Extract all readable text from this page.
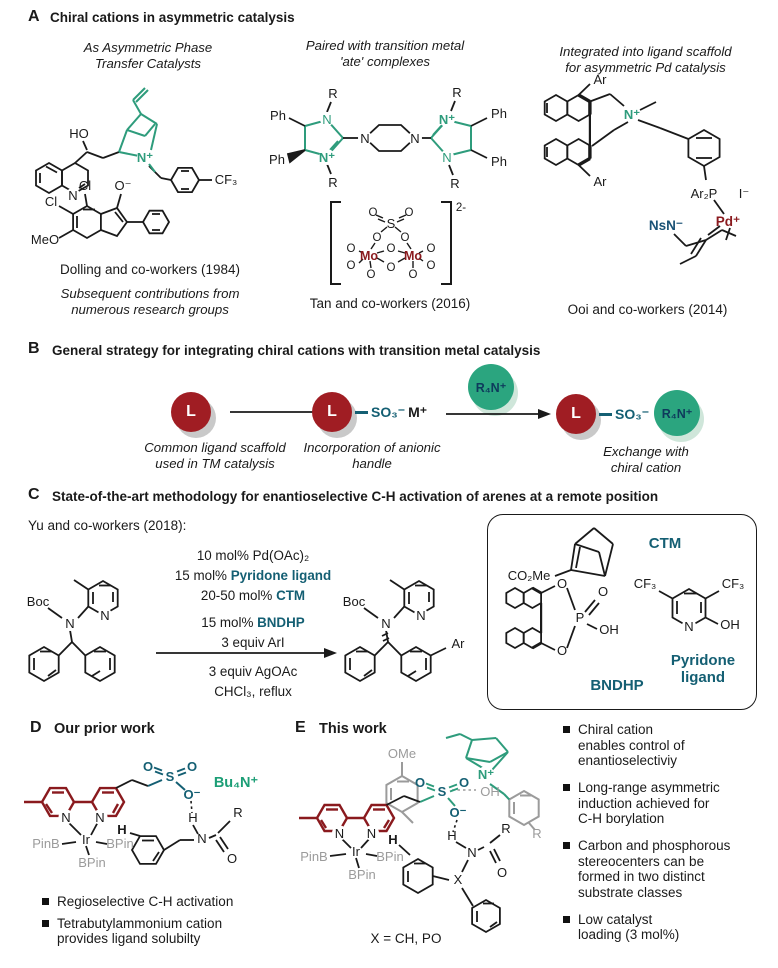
A Chiral cations in asymmetric catalysis
As Asymmetric Phase
Transfer Catalysts
Paired with transition metal
'ate' complexes
Integrated into ligand scaffold
for asymmetric Pd catalysis
N
HO
CF₃
O⁻
Cl
Cl
MeO
N⁺
Dolling and co-workers (1984)
Subsequent contributions from
numerous research groups
R
R
Ph
Ph
R
R
Ph
Ph
N	N
N
N⁺
N⁺
N
2-
S
O O
O O
O
O
O
O
O
O
O
O
Mo Mo
Tan and co-workers (2016)
Ar
Ar
Ar₂P I⁻
N⁺
Pd⁺
NsN⁻
Ooi and co-workers (2014)
B General strategy for integrating chiral cations with transition metal catalysis
L	L SO₃⁻ M⁺
R₄N⁺
L SO₃⁻ R₄N⁺
Common ligand scaffold
used in TM catalysis
Incorporation of anionic
handle
Exchange with
chiral cation
C State-of-the-art methodology for enantioselective C-H activation of arenes at a remote position
Yu and co-workers (2018):
Boc
N
N
10 mol% Pd(OAc)₂
15 mol% Pyridone ligand
20-50 mol% CTM
15 mol% BNDHP
3 equiv ArI
3 equiv AgOAc
CHCl₃, reflux
Boc
N
N
Ar
CO₂Me
O
O
P
O
OH	N OH
CF₃	CF₃
CTM
BNDHP
Pyridone
ligand
D Our prior work
N N
H
Ir
PinB	BPin
BPin
S
O	O
O⁻
Bu₄N⁺
H
N
R
O
Regioselective C-H activation
Tetrabutylammonium cation
provides ligand solubilty
E This work
OMe
N⁺
R
N N H
Ir
PinB	BPin
BPin
S
O	O
OH
O⁻
H
N
R
O
X
X = CH, PO
Chiral cation
enables control of
enantioselectiviy
Long-range asymmetric
induction achieved for
C-H borylation
Carbon and phosphorous
stereocenters can be
formed in two distinct
substrate classes
Low catalyst
loading (3 mol%)
